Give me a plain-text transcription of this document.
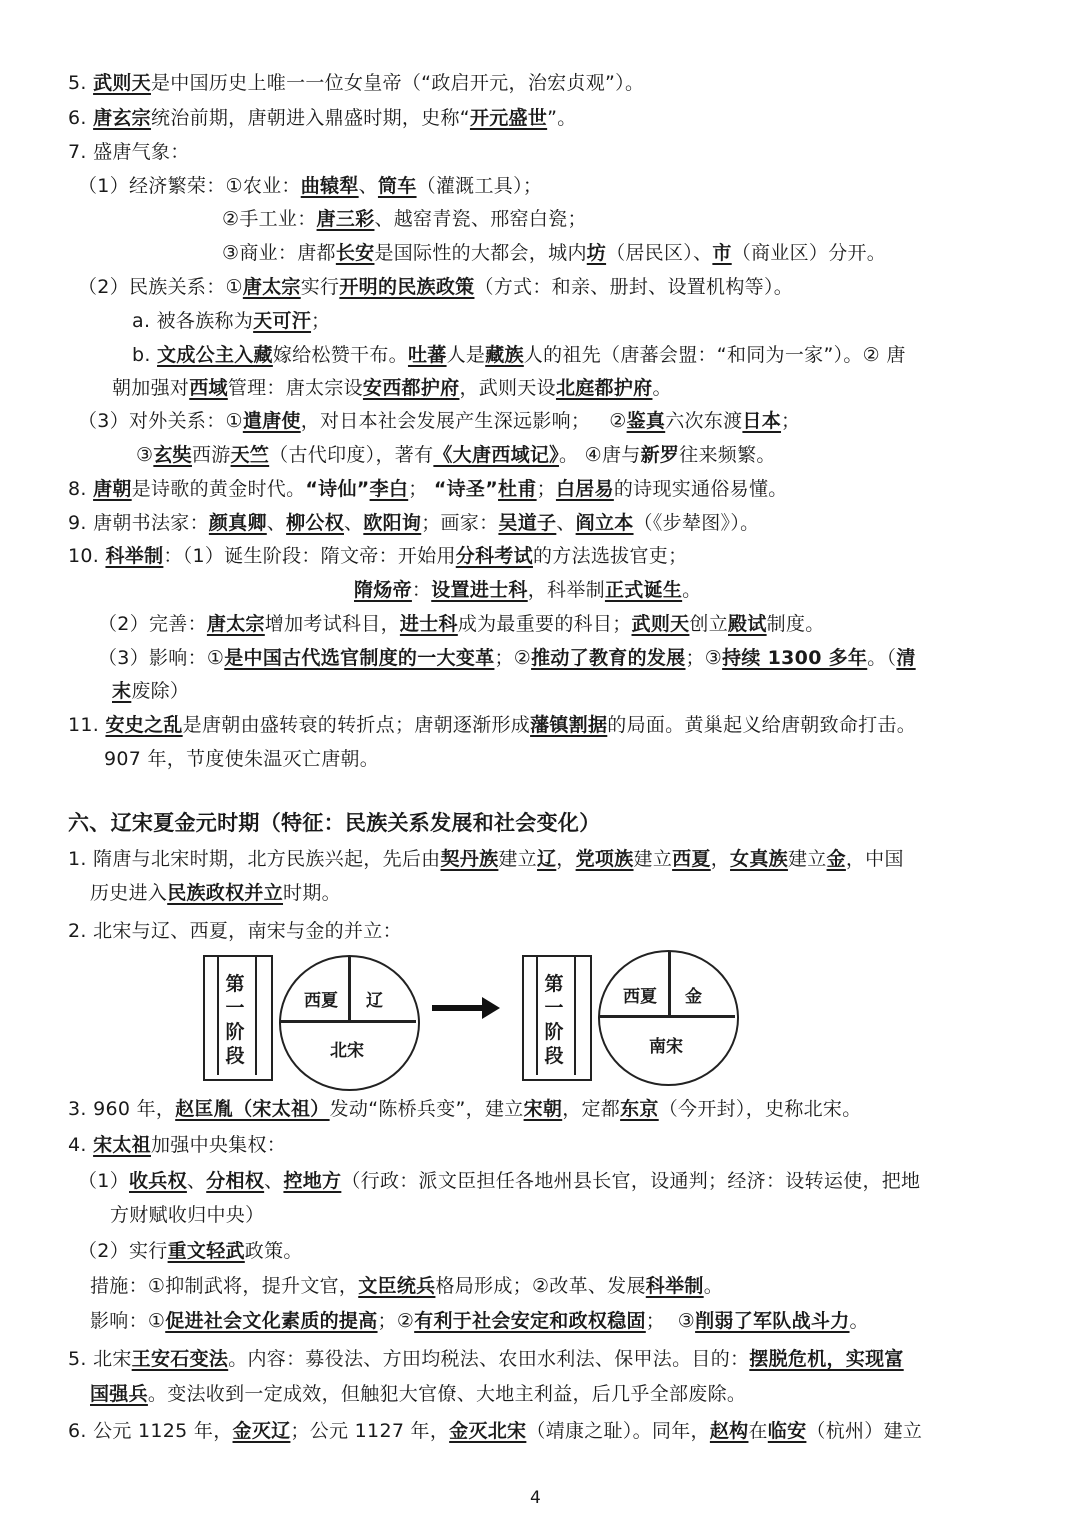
5. 武则天是中国历史上唯一一位女皇帝（“政启开元，治宏贞观”）。
6. 唐玄宗统治前期，唐朝进入鼎盛时期，史称“开元盛世”。
7. 盛唐气象：
（1）经济繁荣：①农业：曲辕犁、筒车（灌溉工具）；
②手工业：唐三彩、越窑青瓷、邢窑白瓷；
③商业：唐都长安是国际性的大都会，城内坊（居民区）、市（商业区）分开。
（2）民族关系：①唐太宗实行开明的民族政策（方式：和亲、册封、设置机构等）。
a. 被各族称为天可汗；
b. 文成公主入藏嫁给松赞干布。吐蕃人是藏族人的祖先（唐蕃会盟：“和同为一家”）。② 唐
朝加强对西域管理：唐太宗设安西都护府，武则天设北庭都护府。
（3）对外关系：①遣唐使，对日本社会发展产生深远影响；   ②鉴真六次东渡日本；
③玄奘西游天竺（古代印度），著有《大唐西域记》。 ④唐与新罗往来频繁。
8. 唐朝是诗歌的黄金时代。“诗仙”李白； “诗圣”杜甫；白居易的诗现实通俗易懂。
9. 唐朝书法家：颜真卿、柳公权、欧阳询；画家：吴道子、阎立本（《步辇图》）。
10. 科举制：（1）诞生阶段：隋文帝：开始用分科考试的方法选拔官吏；
隋炀帝：设置进士科，科举制正式诞生。
（2）完善：唐太宗增加考试科目，进士科成为最重要的科目；武则天创立殿试制度。
（3）影响：①是中国古代选官制度的一大变革；②推动了教育的发展；③持续 1300 多年。（清
末废除）
11. 安史之乱是唐朝由盛转衰的转折点；唐朝逐渐形成藩镇割据的局面。黄巢起义给唐朝致命打击。
907 年，节度使朱温灭亡唐朝。
六、辽宋夏金元时期（特征：民族关系发展和社会变化）
1. 隋唐与北宋时期，北方民族兴起，先后由契丹族建立辽，党项族建立西夏，女真族建立金，中国
历史进入民族政权并立时期。
2. 北宋与辽、西夏，南宋与金的并立：
3. 960 年，赵匡胤（宋太祖）发动“陈桥兵变”，建立宋朝，定都东京（今开封），史称北宋。
4. 宋太祖加强中央集权：
（1）收兵权、分相权、控地方（行政：派文臣担任各地州县长官，设通判；经济：设转运使，把地
方财赋收归中央）
（2）实行重文轻武政策。
措施：①抑制武将，提升文官，文臣统兵格局形成；②改革、发展科举制。
影响：①促进社会文化素质的提高；②有利于社会安定和政权稳固；  ③削弱了军队战斗力。
5. 北宋王安石变法。内容：募役法、方田均税法、农田水利法、保甲法。目的：摆脱危机，实现富
国强兵。变法收到一定成效，但触犯大官僚、大地主利益，后几乎全部废除。
6. 公元 1125 年，金灭辽；公元 1127 年，金灭北宋（靖康之耻）。同年，赵构在临安（杭州）建立
第一阶段
西夏 辽
北宋
第一阶段
西夏 金
南宋
4
